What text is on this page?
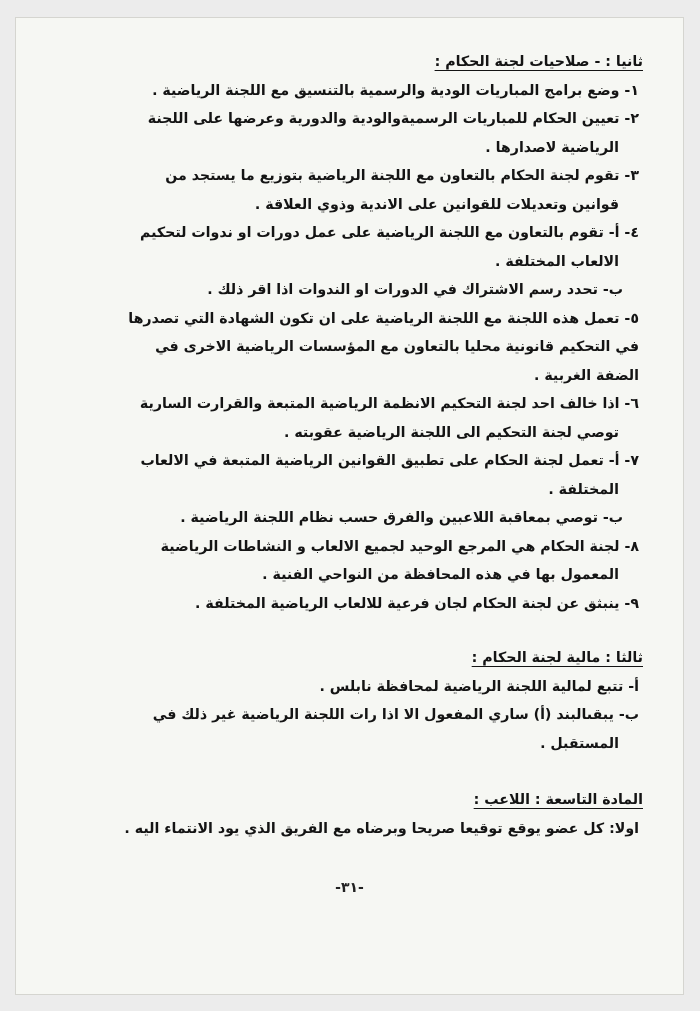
ثانيا : - صلاحيات لجنة الحكام :
١- وضع برامج المباريات الودية والرسمية بالتنسيق مع اللجنة الرياضية .
٢- تعيين الحكام للمباريات الرسميةوالودية والدورية وعرضها على اللجنة
الرياضية لاصدارها .
٣- تقوم لجنة الحكام بالتعاون مع اللجنة الرياضية بتوزيع ما يستجد من
قوانين وتعديلات للقوانين على الاندية وذوي العلاقة .
٤- أ- تقوم بالتعاون مع اللجنة الرياضية على عمل دورات او ندوات لتحكيم
الالعاب المختلفة .
ب- تحدد رسم الاشتراك في الدورات او الندوات اذا اقر ذلك .
٥- تعمل هذه اللجنة مع اللجنة الرياضية على ان تكون الشهادة التي تصدرها
في التحكيم قانونية محليا بالتعاون مع المؤسسات الرياضية الاخرى في
الضفة الغربية .
٦- اذا خالف احد لجنة التحكيم الانظمة الرياضية المتبعة والقرارت السارية
توصي لجنة التحكيم الى اللجنة الرياضية عقوبته .
٧- أ- تعمل لجنة الحكام على تطبيق القوانين الرياضية المتبعة في الالعاب
المختلفة .
ب- توصي بمعاقبة اللاعبين والفرق حسب نظام اللجنة الرياضية .
٨- لجنة الحكام هي المرجع الوحيد لجميع الالعاب و النشاطات الرياضية
المعمول بها في هذه المحافظة من النواحي الفنية .
٩- ينبثق عن لجنة الحكام لجان فرعية للالعاب الرياضية المختلفة .
ثالثا : مالية لجنة الحكام :
أ- تتبع لمالية اللجنة الرياضية لمحافظة نابلس .
ب- يبقىالبند (أ) ساري المفعول الا اذا رات اللجنة الرياضية غير ذلك في
المستقبل .
المادة التاسعة : اللاعب :
اولا: كل عضو يوقع توقيعا صريحا وبرضاه مع الفريق الذي يود الانتماء اليه .
-٣١-
